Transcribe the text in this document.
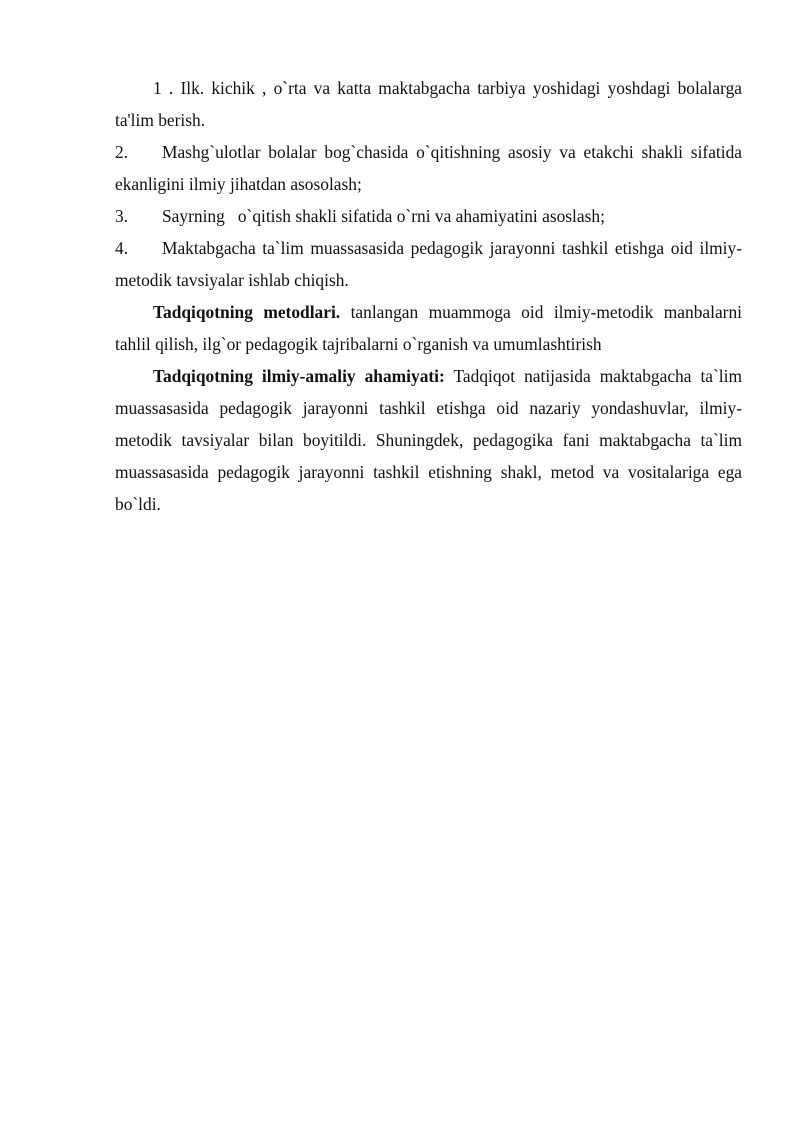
1 . Ilk. kichik , o`rta va katta maktabgacha tarbiya yoshidagi yoshdagi bolalarga ta'lim berish.

2. Mashg`ulotlar bolalar bog`chasida o`qitishning asosiy va etakchi shakli sifatida ekanligini ilmiy jihatdan asosolash;

3. Sayrning   o`qitish shakli sifatida o`rni va ahamiyatini asoslash;

4. Maktabgacha ta`lim muassasasida pedagogik jarayonni tashkil etishga oid ilmiy-metodik tavsiyalar ishlab chiqish.

Tadqiqotning metodlari. tanlangan muammoga oid ilmiy-metodik manbalarni tahlil qilish, ilg`or pedagogik tajribalarni o`rganish va umumlashtirish

Tadqiqotning ilmiy-amaliy ahamiyati: Tadqiqot natijasida maktabgacha ta`lim muassasasida pedagogik jarayonni tashkil etishga oid nazariy yondashuvlar, ilmiy-metodik tavsiyalar bilan boyitildi. Shuningdek, pedagogika fani maktabgacha ta`lim muassasasida pedagogik jarayonni tashkil etishning shakl, metod va vositalariga ega bo`ldi.
